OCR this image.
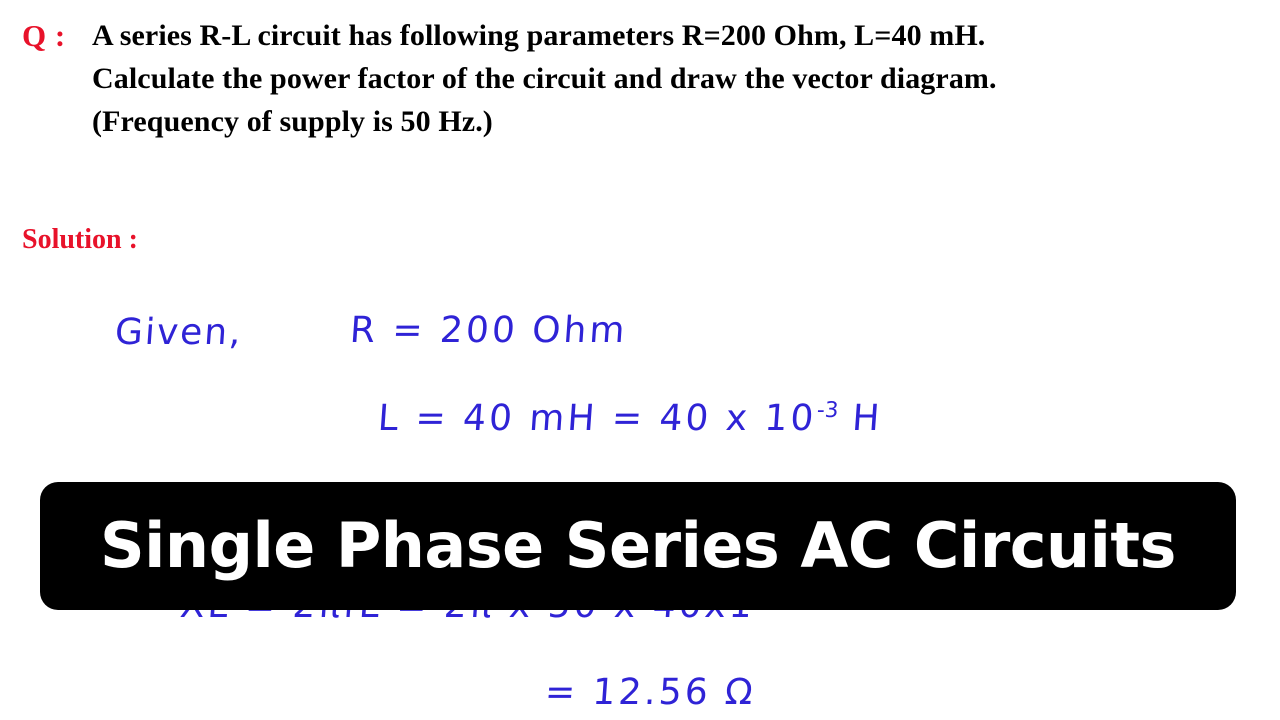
Q : A series R-L circuit has following parameters R=200 Ohm, L=40 mH.
Calculate the power factor of the circuit and draw the vector diagram.
(Frequency of supply is 50 Hz.)
Solution :
Given,	R = 200 Ohm
L = 40 mH = 40 x $10^{-3}$ H
= 12.56 Ω
Single Phase Series AC Circuits
